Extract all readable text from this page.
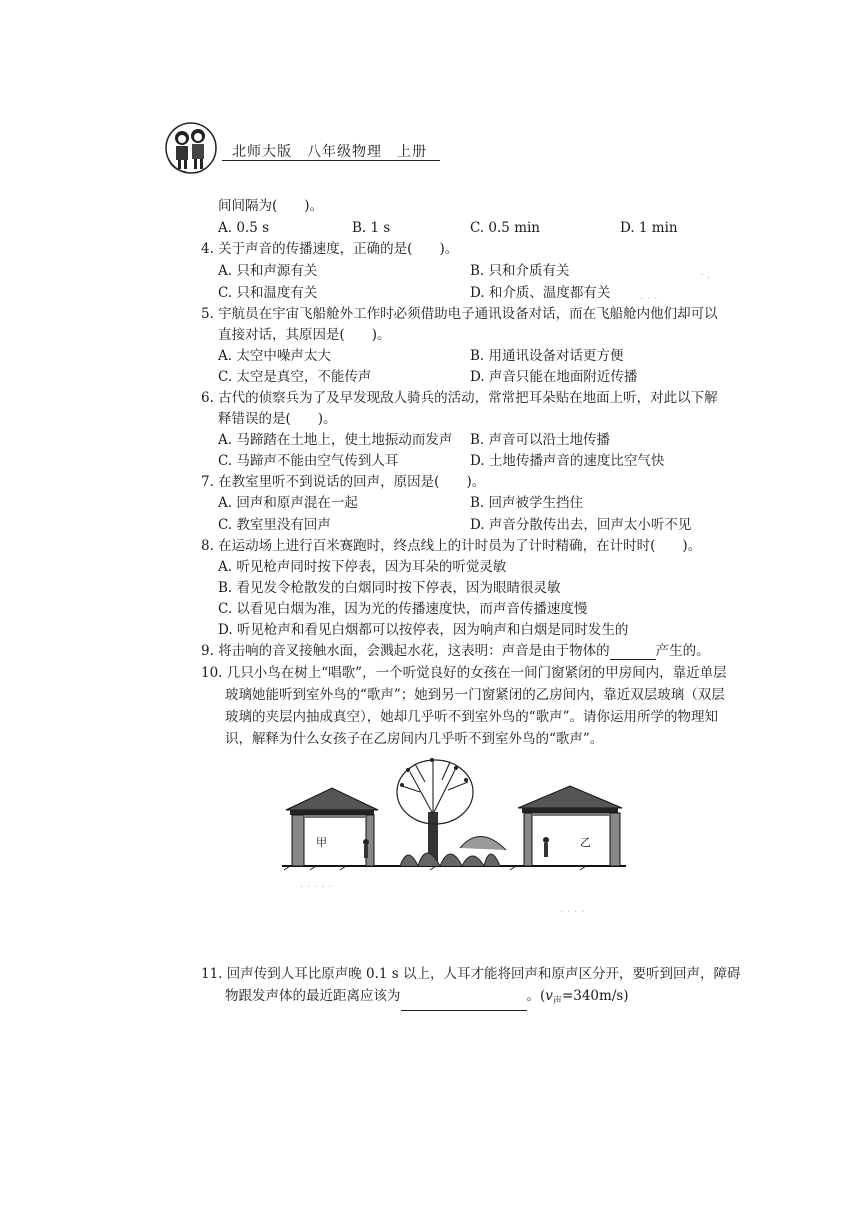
· ,
· · ·
· · · · ·
· · · ·
北师大版　八年级物理　上册
间间隔为(　　)。
A. 0.5 s	B. 1 s	C. 0.5 min	D. 1 min
4. 关于声音的传播速度，正确的是(　　)。
A. 只和声源有关	B. 只和介质有关
C. 只和温度有关	D. 和介质、温度都有关
5. 宇航员在宇宙飞船舱外工作时必须借助电子通讯设备对话，而在飞船舱内他们却可以
直接对话，其原因是(　　)。
A. 太空中噪声太大	B. 用通讯设备对话更方便
C. 太空是真空，不能传声	D. 声音只能在地面附近传播
6. 古代的侦察兵为了及早发现敌人骑兵的活动，常常把耳朵贴在地面上听，对此以下解
释错误的是(　　)。
A. 马蹄踏在土地上，使土地振动而发声 B. 声音可以沿土地传播
C. 马蹄声不能由空气传到人耳	D. 土地传播声音的速度比空气快
7. 在教室里听不到说话的回声，原因是(　　)。
A. 回声和原声混在一起	B. 回声被学生挡住
C. 教室里没有回声	D. 声音分散传出去，回声太小听不见
8. 在运动场上进行百米赛跑时，终点线上的计时员为了计时精确，在计时时(　　)。
A. 听见枪声同时按下停表，因为耳朵的听觉灵敏
B. 看见发令枪散发的白烟同时按下停表，因为眼睛很灵敏
C. 以看见白烟为准，因为光的传播速度快，而声音传播速度慢
D. 听见枪声和看见白烟都可以按停表，因为响声和白烟是同时发生的
9. 将击响的音叉接触水面，会溅起水花，这表明：声音是由于物体的	产生的。
10. 几只小鸟在树上“唱歌”，一个听觉良好的女孩在一间门窗紧闭的甲房间内，靠近单层
玻璃她能听到室外鸟的“歌声”；她到另一门窗紧闭的乙房间内，靠近双层玻璃（双层
玻璃的夹层内抽成真空），她却几乎听不到室外鸟的“歌声”。请你运用所学的物理知
识，解释为什么女孩子在乙房间内几乎听不到室外鸟的“歌声”。
甲	乙
11. 回声传到人耳比原声晚 0.1 s 以上，人耳才能将回声和原声区分开，要听到回声，障碍
物跟发声体的最近距离应该为	。$(v_声=340m/s)$
